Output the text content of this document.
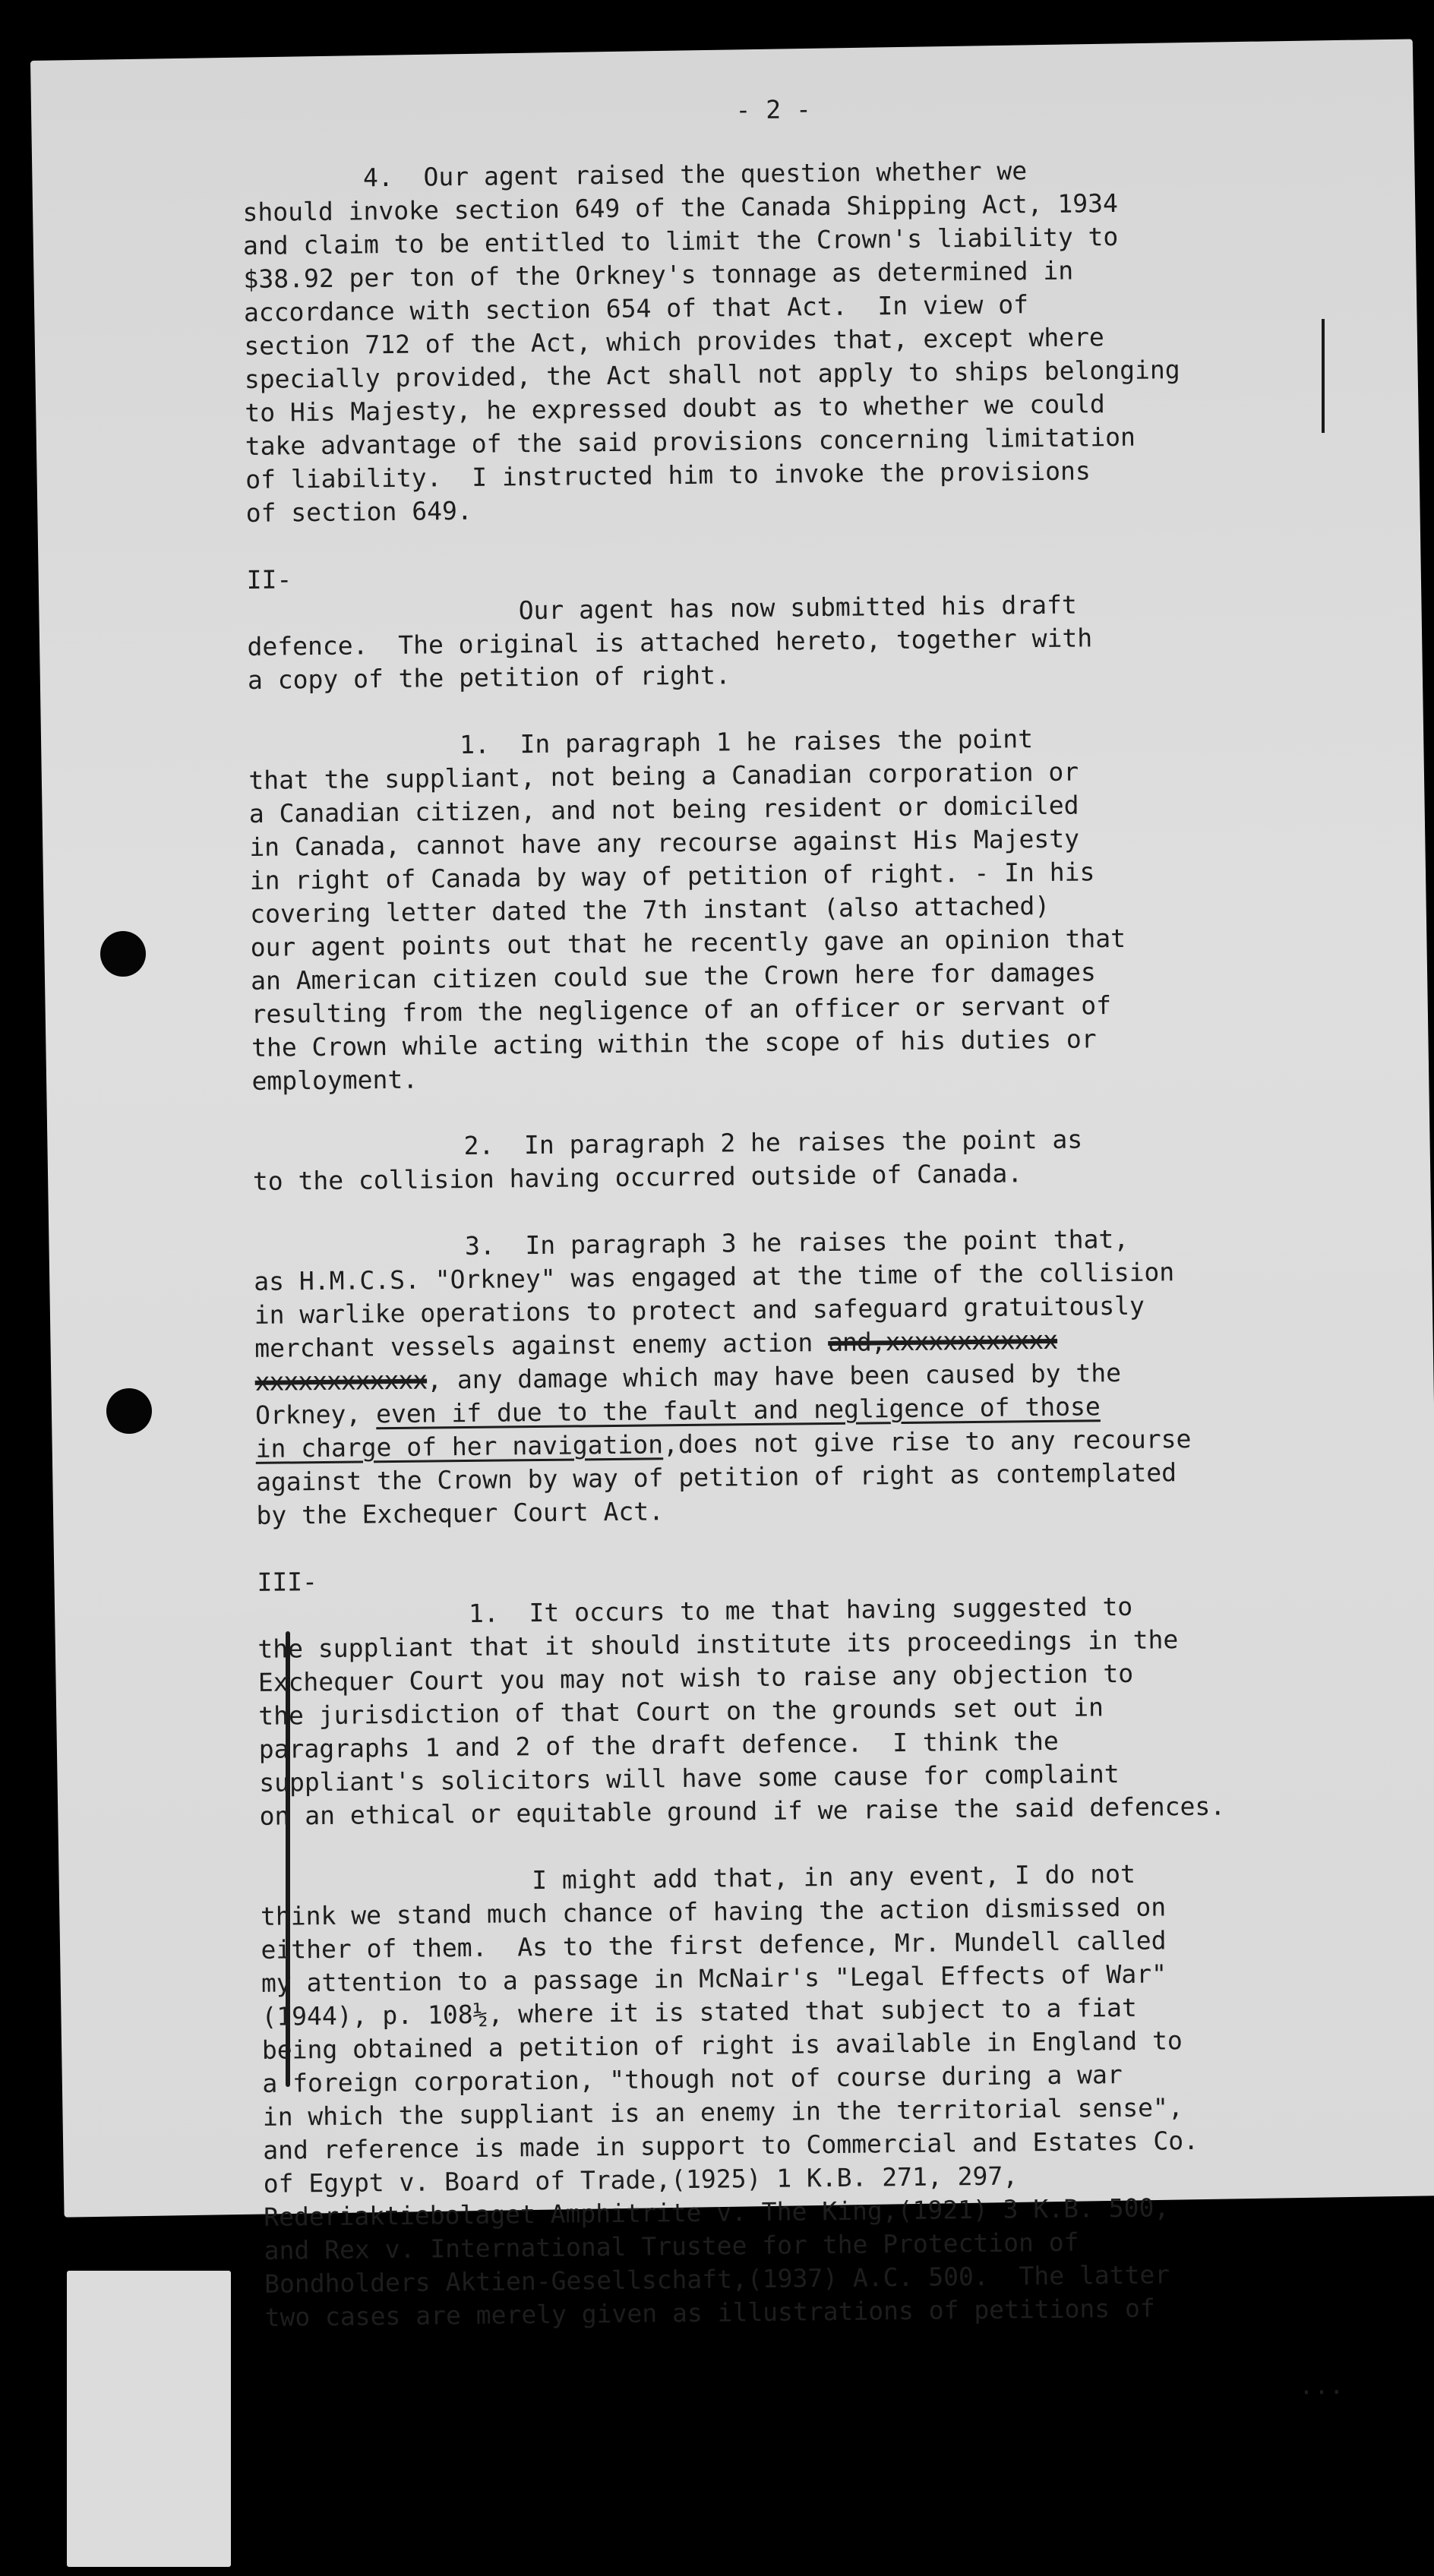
- 2 -

4.  Our agent raised the question whether we

should invoke section 649 of the Canada Shipping Act, 1934

and claim to be entitled to limit the Crown's liability to

$38.92 per ton of the Orkney's tonnage as determined in

accordance with section 654 of that Act.  In view of

section 712 of the Act, which provides that, except where

specially provided, the Act shall not apply to ships belonging

to His Majesty, he expressed doubt as to whether we could

take advantage of the said provisions concerning limitation

of liability.  I instructed him to invoke the provisions

of section 649.

II-

Our agent has now submitted his draft

defence.  The original is attached hereto, together with

a copy of the petition of right.

1.  In paragraph 1 he raises the point

that the suppliant, not being a Canadian corporation or

a Canadian citizen, and not being resident or domiciled

in Canada, cannot have any recourse against His Majesty

in right of Canada by way of petition of right. - In his

covering letter dated the 7th instant (also attached)

our agent points out that he recently gave an opinion that

an American citizen could sue the Crown here for damages

resulting from the negligence of an officer or servant of

the Crown while acting within the scope of his duties or

employment.

2.  In paragraph 2 he raises the point as

to the collision having occurred outside of Canada.

3.  In paragraph 3 he raises the point that,

as H.M.C.S. "Orkney" was engaged at the time of the collision

in warlike operations to protect and safeguard gratuitously

merchant vessels against enemy action and,xxxxxxxxxxxx

xxxxxxxxxxxx, any damage which may have been caused by the

Orkney, even if due to the fault and negligence of those

in charge of her navigation,does not give rise to any recourse

against the Crown by way of petition of right as contemplated

by the Exchequer Court Act.

III-

1.  It occurs to me that having suggested to

the suppliant that it should institute its proceedings in the

Exchequer Court you may not wish to raise any objection to

the jurisdiction of that Court on the grounds set out in

paragraphs 1 and 2 of the draft defence.  I think the

suppliant's solicitors will have some cause for complaint

on an ethical or equitable ground if we raise the said defences.

I might add that, in any event, I do not

think we stand much chance of having the action dismissed on

either of them.  As to the first defence, Mr. Mundell called

my attention to a passage in McNair's "Legal Effects of War"

(1944), p. 108½, where it is stated that subject to a fiat

being obtained a petition of right is available in England to

a foreign corporation, "though not of course during a war

in which the suppliant is an enemy in the territorial sense",

and reference is made in support to Commercial and Estates Co.

of Egypt v. Board of Trade,(1925) 1 K.B. 271, 297,

Rederiaktiebolaget Amphitrite v. The King,(1921) 3 K.B. 500,

and Rex v. International Trustee for the Protection of

Bondholders Aktien-Gesellschaft,(1937) A.C. 500.  The latter

two cases are merely given as illustrations of petitions of

...
